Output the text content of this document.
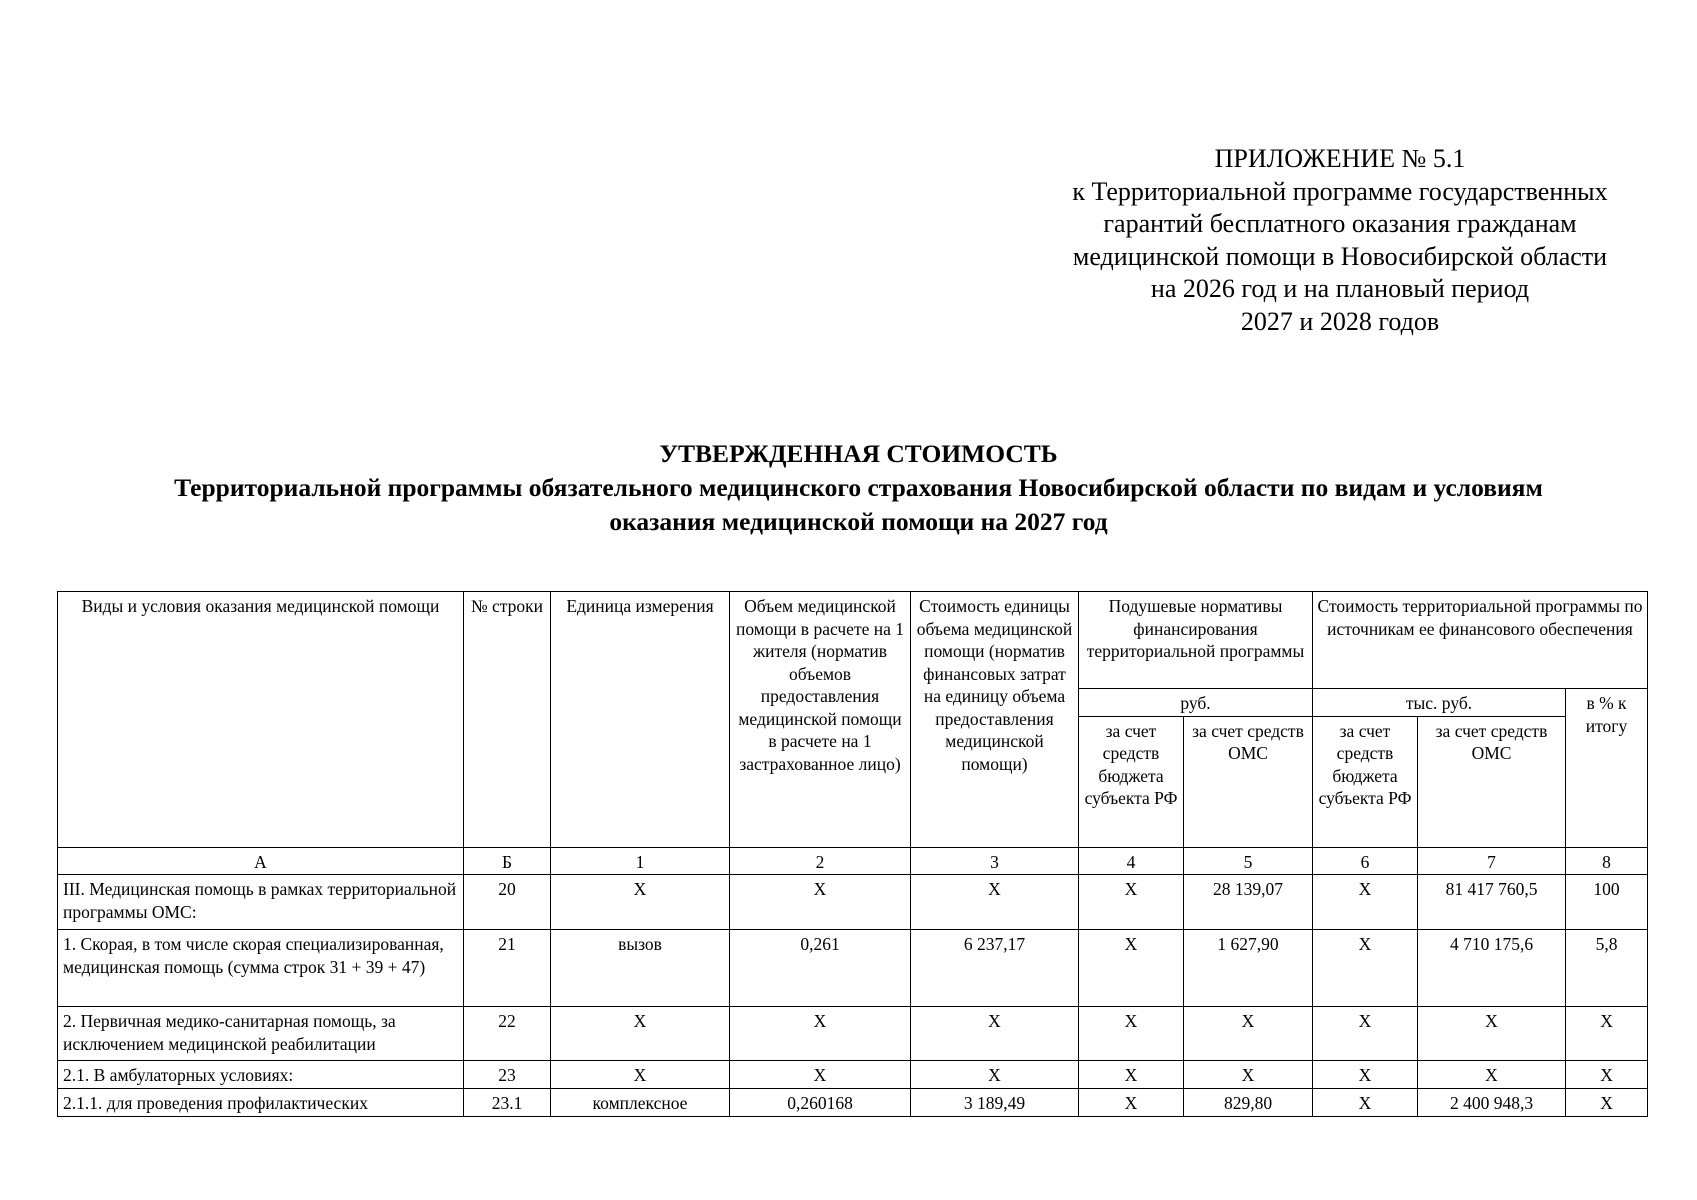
ПРИЛОЖЕНИЕ № 5.1
к Территориальной программе государственных
гарантий бесплатного оказания гражданам
медицинской помощи в Новосибирской области
на 2026 год и на плановый период
2027 и 2028 годов
УТВЕРЖДЕННАЯ СТОИМОСТЬ
Территориальной программы обязательного медицинского страхования Новосибирской области по видам и условиям
оказания медицинской помощи на 2027 год
Виды и условия оказания медицинской помощи	№ строки	Единица измерения	Объем медицинской помощи в расчете на 1 жителя (норматив объемов предоставления медицинской помощи в расчете на 1 застрахованное лицо)	Стоимость единицы объема медицинской помощи (норматив финансовых затрат на единицу объема предоставления медицинской помощи)	Подушевые нормативы финансирования территориальной программы		Стоимость территориальной программы по источникам ее финансового обеспечения		
					руб.		тыс. руб.		в % к итогу
					за счет средств бюджета субъекта РФ	за счет средств ОМС	за счет средств бюджета субъекта РФ	за счет средств ОМС	
А	Б	1	2	3	4	5	6	7	8
III. Медицинская помощь в рамках территориальной программы ОМС:	20	Х	Х	Х	Х	28 139,07	Х	81 417 760,5	100
1. Скорая, в том числе скорая специализированная, медицинская помощь (сумма строк 31 + 39 + 47)	21	вызов	0,261	6 237,17	Х	1 627,90	Х	4 710 175,6	5,8
2. Первичная медико-санитарная помощь, за исключением медицинской реабилитации	22	Х	Х	Х	Х	Х	Х	Х	Х
2.1. В амбулаторных условиях:	23	Х	Х	Х	Х	Х	Х	Х	Х
2.1.1. для проведения профилактических	23.1	комплексное	0,260168	3 189,49	Х	829,80	Х	2 400 948,3	Х
